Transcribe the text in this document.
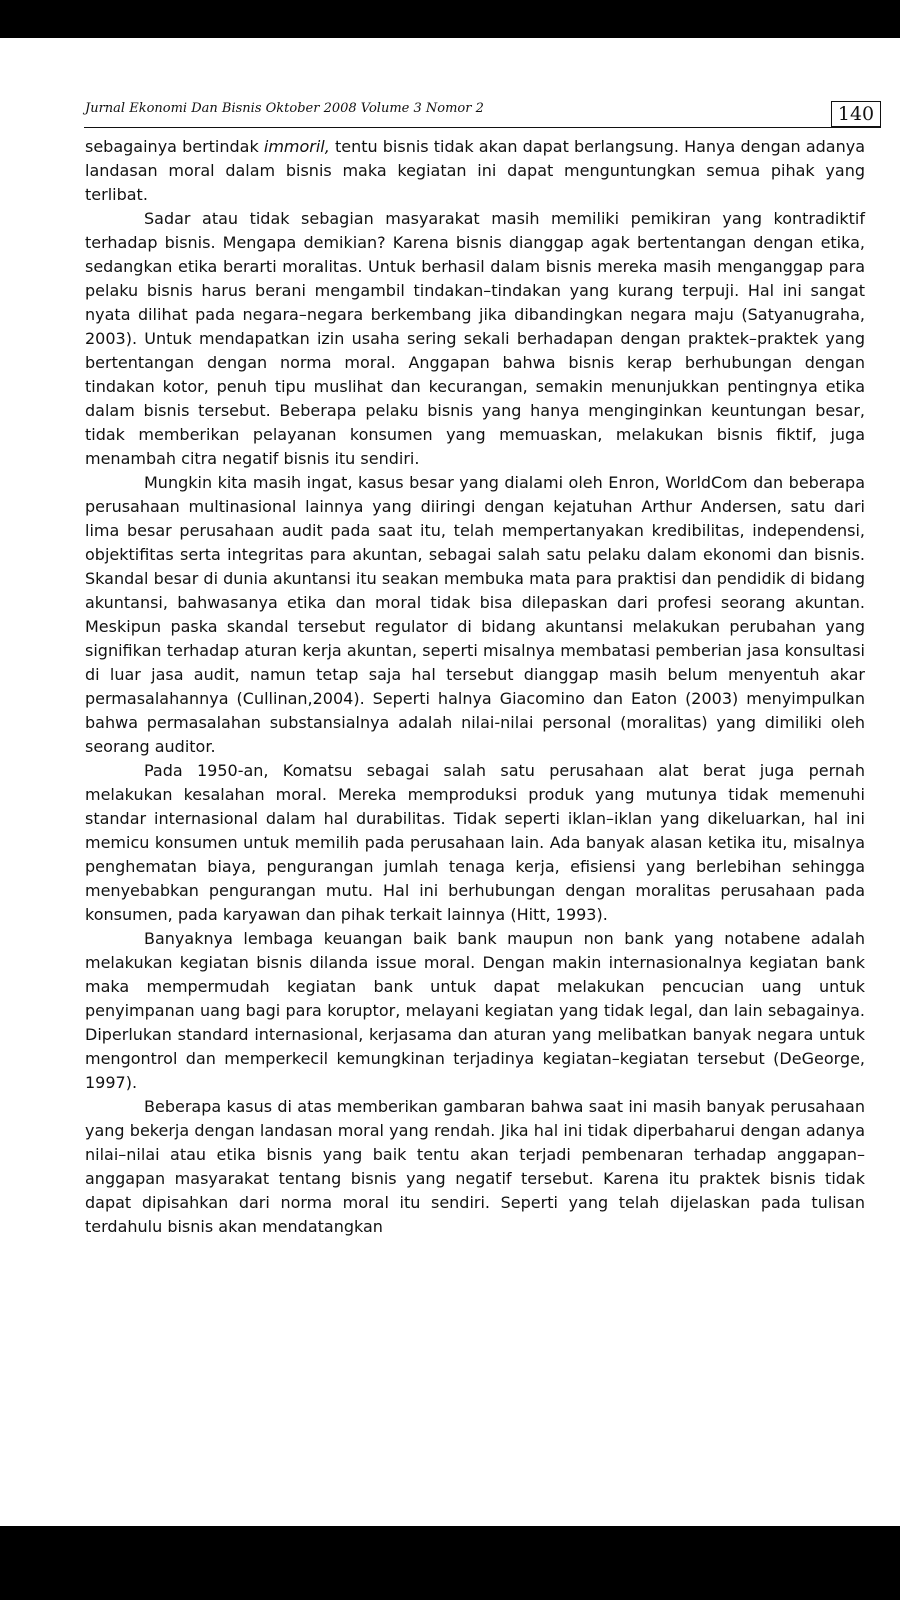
Jurnal Ekonomi Dan Bisnis Oktober 2008 Volume 3 Nomor 2	140

sebagainya bertindak immoril, tentu bisnis tidak akan dapat berlangsung. Hanya dengan adanya landasan moral dalam bisnis maka kegiatan ini dapat menguntungkan semua pihak yang terlibat.

Sadar atau tidak sebagian masyarakat masih memiliki pemikiran yang kontradiktif terhadap bisnis. Mengapa demikian? Karena bisnis dianggap agak bertentangan dengan etika, sedangkan etika berarti moralitas. Untuk berhasil dalam bisnis mereka masih menganggap para pelaku bisnis harus berani mengambil tindakan–tindakan yang kurang terpuji. Hal ini sangat nyata dilihat pada negara–negara berkembang jika dibandingkan negara maju (Satyanugraha, 2003). Untuk mendapatkan izin usaha sering sekali berhadapan dengan praktek–praktek yang bertentangan dengan norma moral. Anggapan bahwa bisnis kerap berhubungan dengan tindakan kotor, penuh tipu muslihat dan kecurangan, semakin menunjukkan pentingnya etika dalam bisnis tersebut. Beberapa pelaku bisnis yang hanya menginginkan keuntungan besar, tidak memberikan pelayanan konsumen yang memuaskan, melakukan bisnis fiktif, juga menambah citra negatif bisnis itu sendiri.

Mungkin kita masih ingat, kasus besar yang dialami oleh Enron, WorldCom dan beberapa perusahaan multinasional lainnya yang diiringi dengan kejatuhan Arthur Andersen, satu dari lima besar perusahaan audit pada saat itu, telah mempertanyakan kredibilitas, independensi, objektifitas serta integritas para akuntan, sebagai salah satu pelaku dalam ekonomi dan bisnis. Skandal besar di dunia akuntansi itu seakan membuka mata para praktisi dan pendidik di bidang akuntansi, bahwasanya etika dan moral tidak bisa dilepaskan dari profesi seorang akuntan. Meskipun paska skandal tersebut regulator di bidang akuntansi melakukan perubahan yang signifikan terhadap aturan kerja akuntan, seperti misalnya membatasi pemberian jasa konsultasi di luar jasa audit, namun tetap saja hal tersebut dianggap masih belum menyentuh akar permasalahannya (Cullinan,2004). Seperti halnya Giacomino dan Eaton (2003) menyimpulkan bahwa permasalahan substansialnya adalah nilai-nilai personal (moralitas) yang dimiliki oleh seorang auditor.

Pada 1950-an, Komatsu sebagai salah satu perusahaan alat berat juga pernah melakukan kesalahan moral. Mereka memproduksi produk yang mutunya tidak memenuhi standar internasional dalam hal durabilitas. Tidak seperti iklan–iklan yang dikeluarkan, hal ini memicu konsumen untuk memilih pada perusahaan lain. Ada banyak alasan ketika itu, misalnya penghematan biaya, pengurangan jumlah tenaga kerja, efisiensi yang berlebihan sehingga menyebabkan pengurangan mutu. Hal ini berhubungan dengan moralitas perusahaan pada konsumen, pada karyawan dan pihak terkait lainnya (Hitt, 1993).

Banyaknya lembaga keuangan baik bank maupun non bank yang notabene adalah melakukan kegiatan bisnis dilanda issue moral. Dengan makin internasionalnya kegiatan bank maka mempermudah kegiatan bank untuk dapat melakukan pencucian uang untuk penyimpanan uang bagi para koruptor, melayani kegiatan yang tidak legal, dan lain sebagainya. Diperlukan standard internasional, kerjasama dan aturan yang melibatkan banyak negara untuk mengontrol dan memperkecil kemungkinan terjadinya kegiatan–kegiatan tersebut (DeGeorge, 1997).

Beberapa kasus di atas memberikan gambaran bahwa saat ini masih banyak perusahaan yang bekerja dengan landasan moral yang rendah. Jika hal ini tidak diperbaharui dengan adanya nilai–nilai atau etika bisnis yang baik tentu akan terjadi pembenaran terhadap anggapan–anggapan masyarakat tentang bisnis yang negatif tersebut. Karena itu praktek bisnis tidak dapat dipisahkan dari norma moral itu sendiri. Seperti yang telah dijelaskan pada tulisan terdahulu bisnis akan mendatangkan
